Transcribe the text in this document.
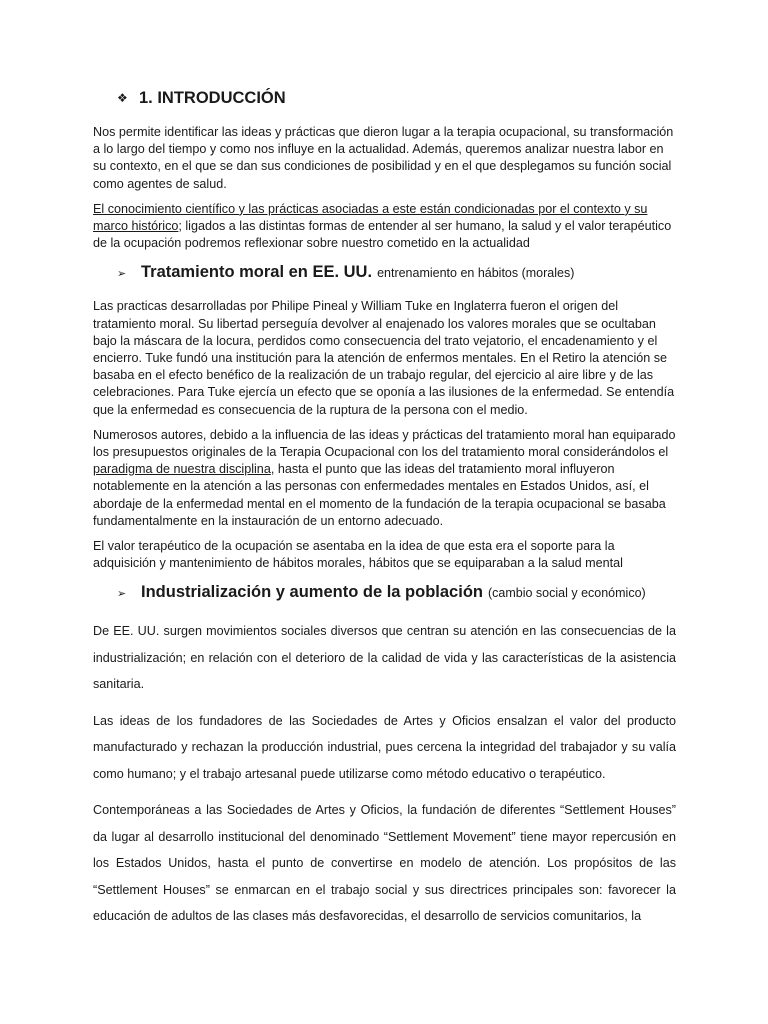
❖ 1. INTRODUCCIÓN

Nos permite identificar las ideas y prácticas que dieron lugar a la terapia ocupacional, su transformación a lo largo del tiempo y como nos influye en la actualidad. Además, queremos analizar nuestra labor en su contexto, en el que se dan sus condiciones de posibilidad y en el que desplegamos su función social como agentes de salud.

El conocimiento científico y las prácticas asociadas a este están condicionadas por el contexto y su marco histórico; ligados a las distintas formas de entender al ser humano, la salud y el valor terapéutico de la ocupación podremos reflexionar sobre nuestro cometido en la actualidad

➢ Tratamiento moral en EE. UU. entrenamiento en hábitos (morales)

Las practicas desarrolladas por Philipe Pineal y William Tuke en Inglaterra fueron el origen del tratamiento moral. Su libertad perseguía devolver al enajenado los valores morales que se ocultaban bajo la máscara de la locura, perdidos como consecuencia del trato vejatorio, el encadenamiento y el encierro. Tuke fundó una institución para la atención de enfermos mentales. En el Retiro la atención se basaba en el efecto benéfico de la realización de un trabajo regular, del ejercicio al aire libre y de las celebraciones. Para Tuke ejercía un efecto que se oponía a las ilusiones de la enfermedad. Se entendía que la enfermedad es consecuencia de la ruptura de la persona con el medio.

Numerosos autores, debido a la influencia de las ideas y prácticas del tratamiento moral han equiparado los presupuestos originales de la Terapia Ocupacional con los del tratamiento moral considerándolos el paradigma de nuestra disciplina, hasta el punto que las ideas del tratamiento moral influyeron notablemente en la atención a las personas con enfermedades mentales en Estados Unidos, así, el abordaje de la enfermedad mental en el momento de la fundación de la terapia ocupacional se basaba fundamentalmente en la instauración de un entorno adecuado.

El valor terapéutico de la ocupación se asentaba en la idea de que esta era el soporte para la adquisición y mantenimiento de hábitos morales, hábitos que se equiparaban a la salud mental

➢ Industrialización y aumento de la población (cambio social y económico)

De EE. UU. surgen movimientos sociales diversos que centran su atención en las consecuencias de la industrialización; en relación con el deterioro de la calidad de vida y las características de la asistencia sanitaria.

Las ideas de los fundadores de las Sociedades de Artes y Oficios ensalzan el valor del producto manufacturado y rechazan la producción industrial, pues cercena la integridad del trabajador y su valía como humano; y el trabajo artesanal puede utilizarse como método educativo o terapéutico.

Contemporáneas a las Sociedades de Artes y Oficios, la fundación de diferentes “Settlement Houses” da lugar al desarrollo institucional del denominado “Settlement Movement” tiene mayor repercusión en los Estados Unidos, hasta el punto de convertirse en modelo de atención. Los propósitos de las “Settlement Houses” se enmarcan en el trabajo social y sus directrices principales son: favorecer la educación de adultos de las clases más desfavorecidas, el desarrollo de servicios comunitarios, la
